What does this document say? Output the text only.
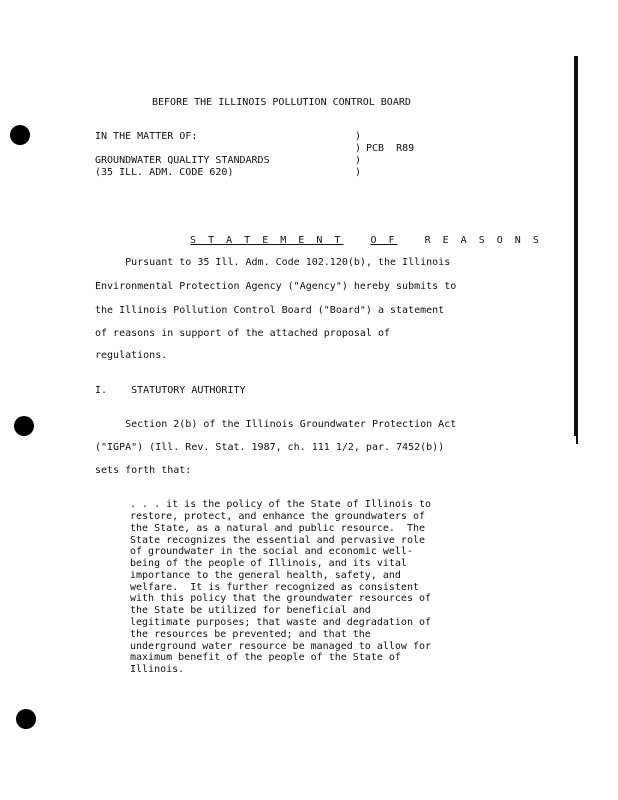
BEFORE THE ILLINOIS POLLUTION CONTROL BOARD
IN THE MATTER OF:	)
) PCB  R89
GROUNDWATER QUALITY STANDARDS	)
(35 ILL. ADM. CODE 620)	)

S T A T E M E N T	O F	R E A S O N S

Pursuant to 35 Ill. Adm. Code 102.120(b), the Illinois
Environmental Protection Agency ("Agency") hereby submits to
the Illinois Pollution Control Board ("Board") a statement
of reasons in support of the attached proposal of
regulations.
I.    STATUTORY AUTHORITY
Section 2(b) of the Illinois Groundwater Protection Act
("IGPA") (Ill. Rev. Stat. 1987, ch. 111 1/2, par. 7452(b))
sets forth that:
. . . it is the policy of the State of Illinois to
restore, protect, and enhance the groundwaters of
the State, as a natural and public resource.  The
State recognizes the essential and pervasive role
of groundwater in the social and economic well-
being of the people of Illinois, and its vital
importance to the general health, safety, and
welfare.  It is further recognized as consistent
with this policy that the groundwater resources of
the State be utilized for beneficial and
legitimate purposes; that waste and degradation of
the resources be prevented; and that the
underground water resource be managed to allow for
maximum benefit of the people of the State of
Illinois.
